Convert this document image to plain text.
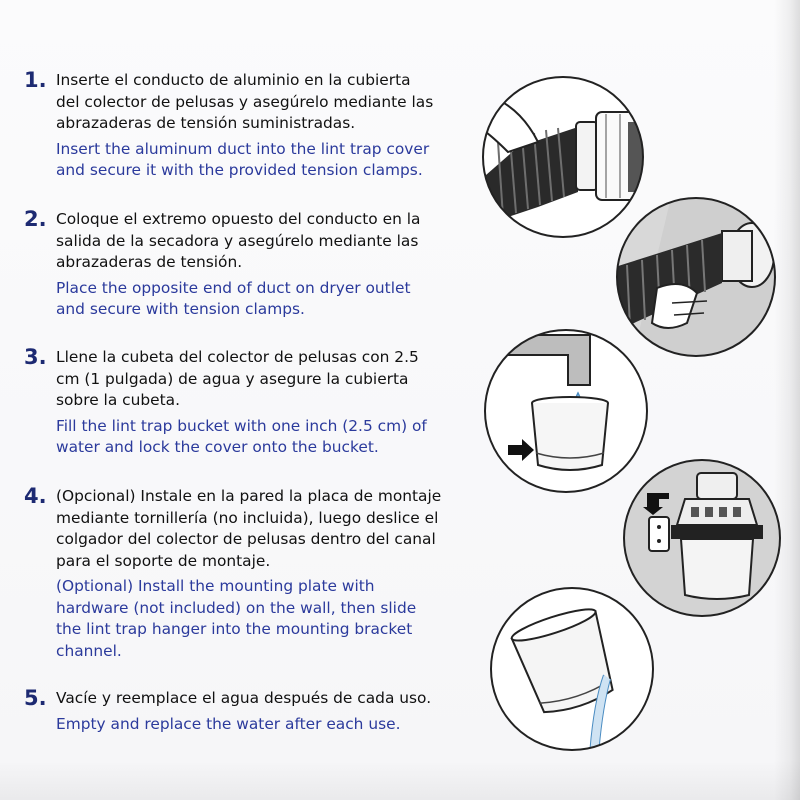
1. Inserte el conducto de aluminio en la cubierta
del colector de pelusas y asegúrelo mediante las
abrazaderas de tensión suministradas.
Insert the aluminum duct into the lint trap cover
and secure it with the provided tension clamps.
2. Coloque el extremo opuesto del conducto en la
salida de la secadora y asegúrelo mediante las
abrazaderas de tensión.
Place the opposite end of duct on dryer outlet
and secure with tension clamps.
3. Llene la cubeta del colector de pelusas con 2.5
cm (1 pulgada) de agua y asegure la cubierta
sobre la cubeta.
Fill the lint trap bucket with one inch (2.5 cm) of
water and lock the cover onto the bucket.
4. (Opcional) Instale en la pared la placa de montaje
mediante tornillería (no incluida), luego deslice el
colgador del colector de pelusas dentro del canal
para el soporte de montaje.
(Optional) Install the mounting plate with
hardware (not included) on the wall, then slide
the lint trap hanger into the mounting bracket
channel.
5. Vacíe y reemplace el agua después de cada uso.
Empty and replace the water after each use.
